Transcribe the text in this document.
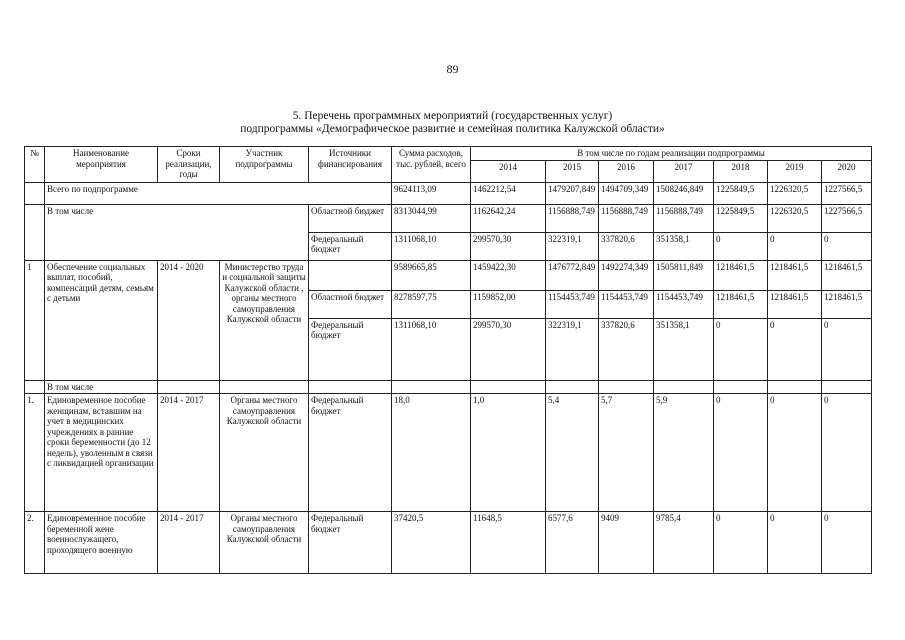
89
5. Перечень программных мероприятий (государственных услуг)
подпрограммы «Демографическое развитие и семейная политика Калужской области»
№	Наименование мероприятия	Сроки реализации, годы	Участник подпрограммы	Источники финансирования	Сумма расходов, тыс. рублей, всего	В том числе по годам реализации подпрограммы						
						2014	2015	2016	2017	2018	2019	2020
	Всего по подпрограмме				9624113,09	1462212,54	1479207,849	1494709,349	1508246,849	1225849,5	1226320,5	1227566,5
	В том числе			Областной бюджет	8313044,99	1162642,24	1156888,749	1156888,749	1156888,749	1225849,5	1226320,5	1227566,5
				Федеральный бюджет	1311068,10	299570,30	322319,1	337820,6	351358,1	0	0	0
1	Обеспечение социальных выплат, пособий, компенсаций детям, семьям с детьми	2014 - 2020	Министерство труда и социальной защиты Калужской области , органы местного самоуправления Калужской области		9589665,85	1459422,30	1476772,849	1492274,349	1505811,849	1218461,5	1218461,5	1218461,5
				Областной бюджет	8278597,75	1159852,00	1154453,749	1154453,749	1154453,749	1218461,5	1218461,5	1218461,5
				Федеральный бюджет	1311068,10	299570,30	322319,1	337820,6	351358,1	0	0	0
	В том числе											
1.	Единовременное пособие женщинам, вставшим на учет в медицинских учреждениях в ранние сроки беременности (до 12 недель), уволенным в связи с ликвидацией организации	2014 - 2017	Органы местного самоуправления Калужской области	Федеральный бюджет	18,0	1,0	5,4	5,7	5,9	0	0	0
2.	Единовременное пособие беременной жене военнослужащего, проходящего военную	2014 - 2017	Органы местного самоуправления Калужской области	Федеральный бюджет	37420,5	11648,5	6577,6	9409	9785,4	0	0	0
